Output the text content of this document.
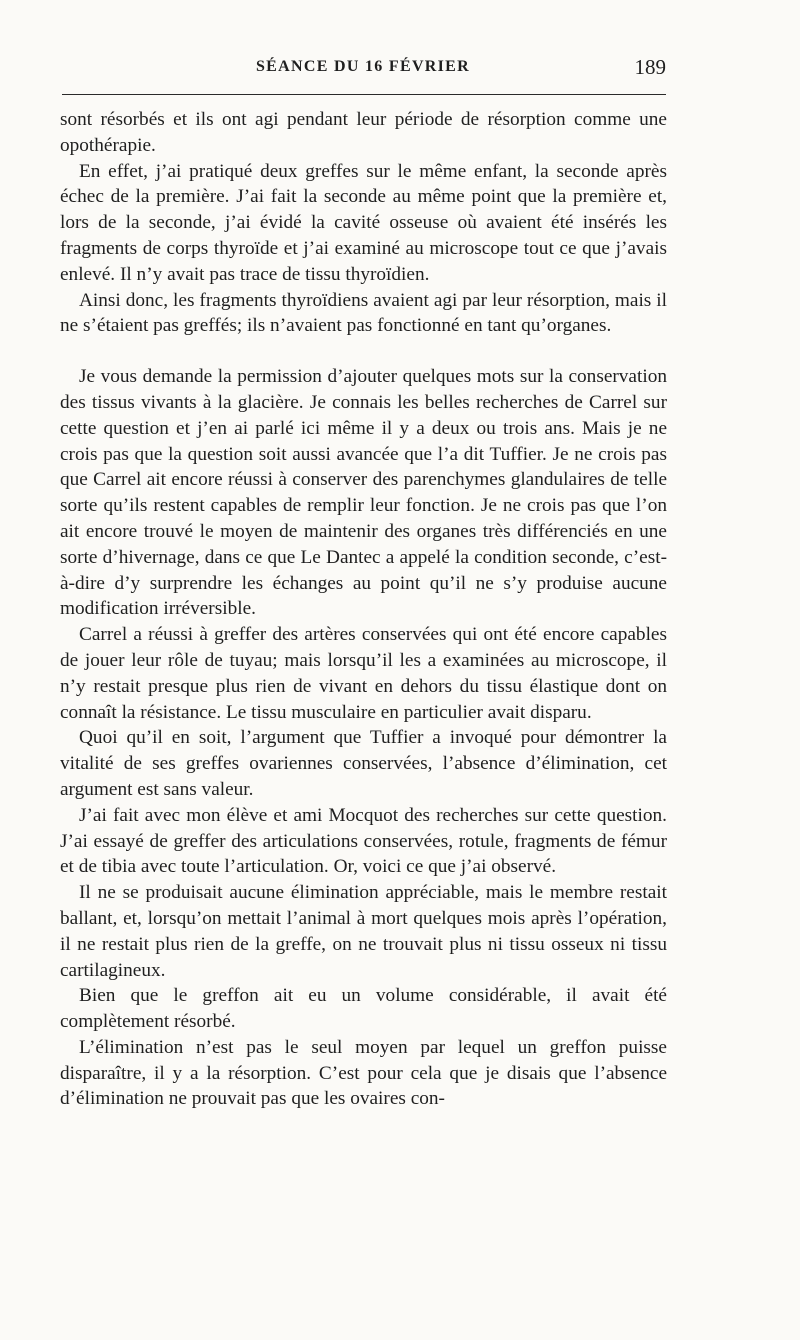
SÉANCE DU 16 FÉVRIER	189

sont résorbés et ils ont agi pendant leur période de résorption comme une opothérapie.

En effet, j’ai pratiqué deux greffes sur le même enfant, la seconde après échec de la première. J’ai fait la seconde au même point que la première et, lors de la seconde, j’ai évidé la cavité osseuse où avaient été insérés les fragments de corps thyroïde et j’ai examiné au microscope tout ce que j’avais enlevé. Il n’y avait pas trace de tissu thyroïdien.

Ainsi donc, les fragments thyroïdiens avaient agi par leur résorption, mais il ne s’étaient pas greffés; ils n’avaient pas fonctionné en tant qu’organes.

Je vous demande la permission d’ajouter quelques mots sur la conservation des tissus vivants à la glacière. Je connais les belles recherches de Carrel sur cette question et j’en ai parlé ici même il y a deux ou trois ans. Mais je ne crois pas que la question soit aussi avancée que l’a dit Tuffier. Je ne crois pas que Carrel ait encore réussi à conserver des parenchymes glandulaires de telle sorte qu’ils restent capables de remplir leur fonction. Je ne crois pas que l’on ait encore trouvé le moyen de maintenir des organes très différenciés en une sorte d’hivernage, dans ce que Le Dantec a appelé la condition seconde, c’est-à-dire d’y surprendre les échanges au point qu’il ne s’y produise aucune modification irréversible.

Carrel a réussi à greffer des artères conservées qui ont été encore capables de jouer leur rôle de tuyau; mais lorsqu’il les a examinées au microscope, il n’y restait presque plus rien de vivant en dehors du tissu élastique dont on connaît la résistance. Le tissu musculaire en particulier avait disparu.

Quoi qu’il en soit, l’argument que Tuffier a invoqué pour démontrer la vitalité de ses greffes ovariennes conservées, l’absence d’élimination, cet argument est sans valeur.

J’ai fait avec mon élève et ami Mocquot des recherches sur cette question. J’ai essayé de greffer des articulations conservées, rotule, fragments de fémur et de tibia avec toute l’articulation. Or, voici ce que j’ai observé.

Il ne se produisait aucune élimination appréciable, mais le membre restait ballant, et, lorsqu’on mettait l’animal à mort quelques mois après l’opération, il ne restait plus rien de la greffe, on ne trouvait plus ni tissu osseux ni tissu cartilagineux.

Bien que le greffon ait eu un volume considérable, il avait été complètement résorbé.

L’élimination n’est pas le seul moyen par lequel un greffon puisse disparaître, il y a la résorption. C’est pour cela que je disais que l’absence d’élimination ne prouvait pas que les ovaires con-
